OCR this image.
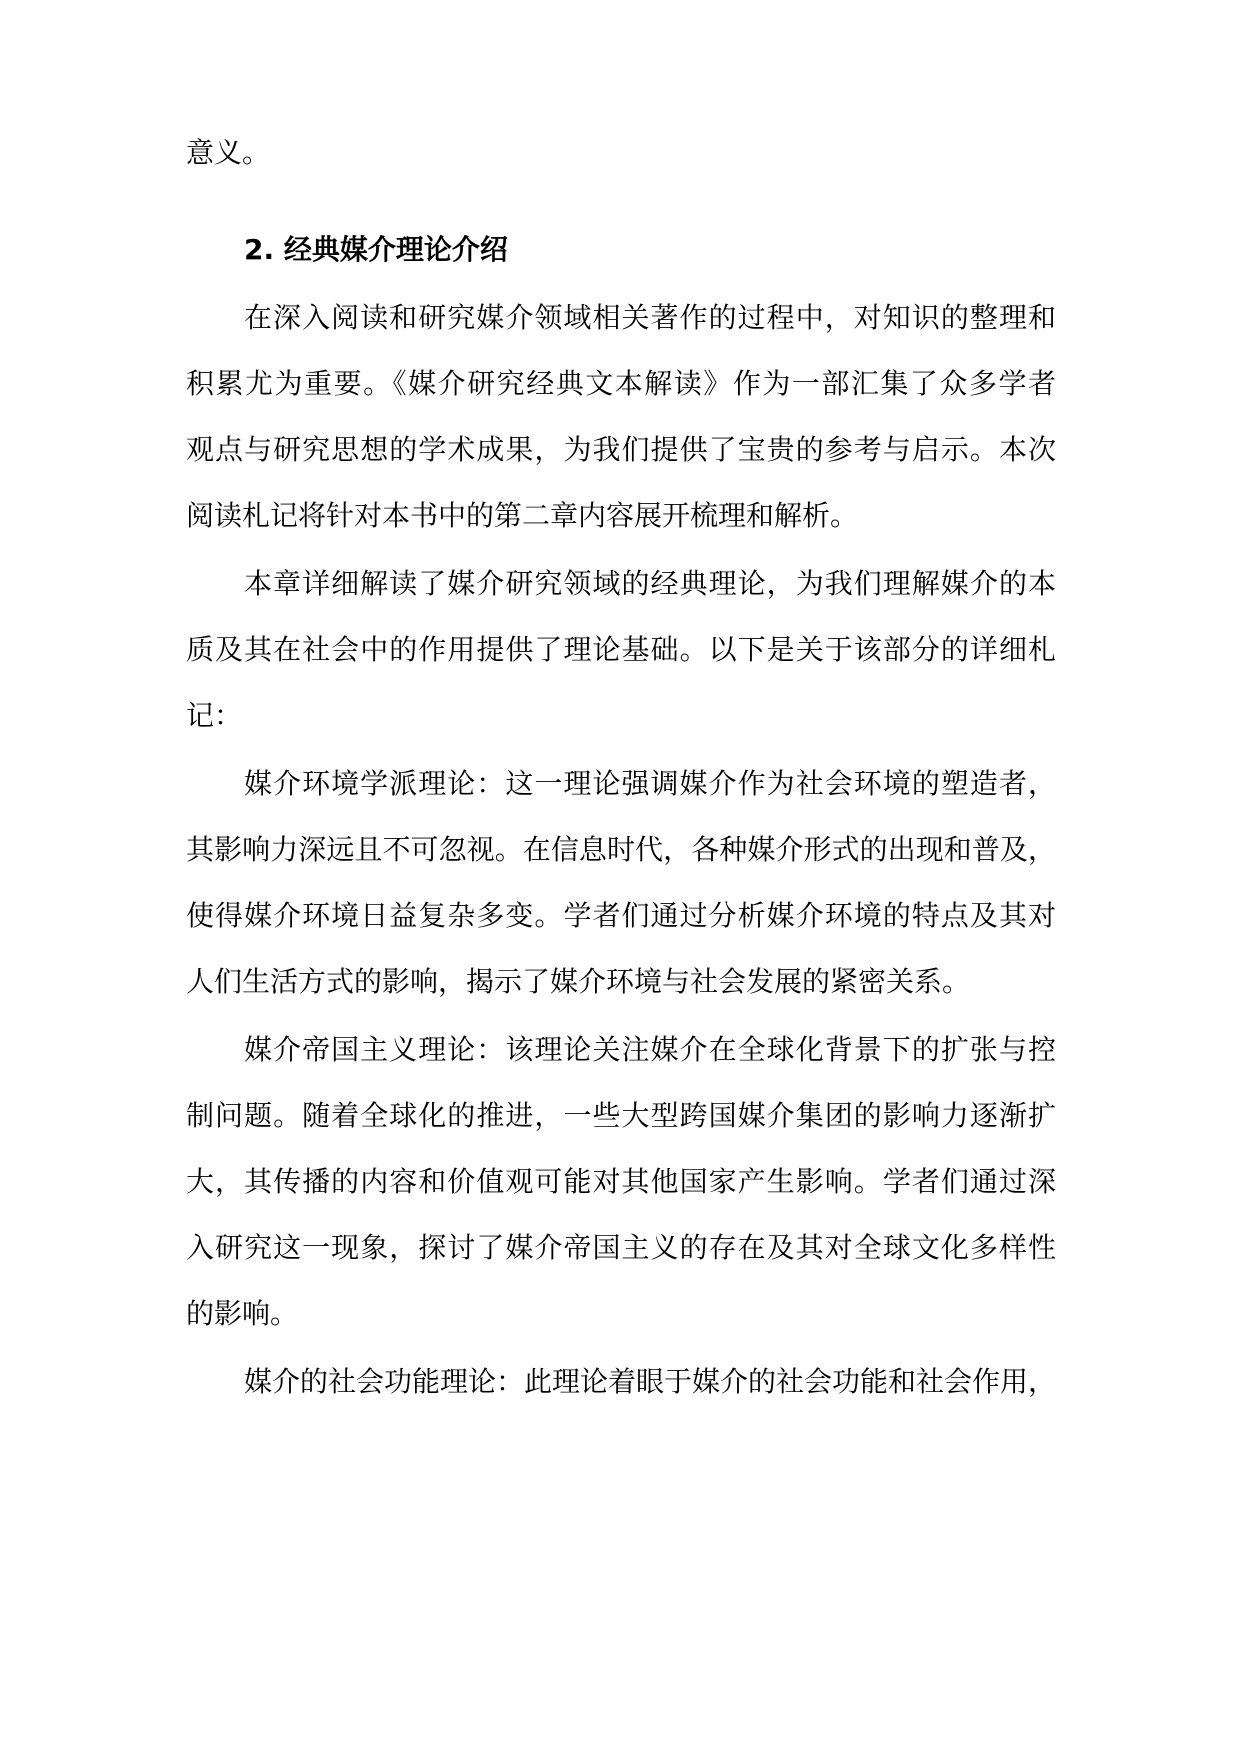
意义。
2. 经典媒介理论介绍
在深入阅读和研究媒介领域相关著作的过程中，对知识的整理和
积累尤为重要。《媒介研究经典文本解读》作为一部汇集了众多学者
观点与研究思想的学术成果，为我们提供了宝贵的参考与启示。本次
阅读札记将针对本书中的第二章内容展开梳理和解析。
本章详细解读了媒介研究领域的经典理论，为我们理解媒介的本
质及其在社会中的作用提供了理论基础。以下是关于该部分的详细札
记：
媒介环境学派理论：这一理论强调媒介作为社会环境的塑造者，
其影响力深远且不可忽视。在信息时代，各种媒介形式的出现和普及，
使得媒介环境日益复杂多变。学者们通过分析媒介环境的特点及其对
人们生活方式的影响，揭示了媒介环境与社会发展的紧密关系。
媒介帝国主义理论：该理论关注媒介在全球化背景下的扩张与控
制问题。随着全球化的推进，一些大型跨国媒介集团的影响力逐渐扩
大，其传播的内容和价值观可能对其他国家产生影响。学者们通过深
入研究这一现象，探讨了媒介帝国主义的存在及其对全球文化多样性
的影响。
媒介的社会功能理论：此理论着眼于媒介的社会功能和社会作用，
